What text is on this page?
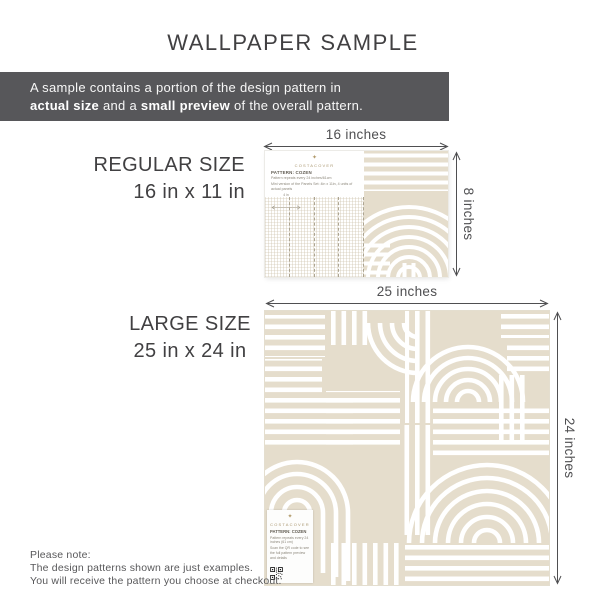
WALLPAPER SAMPLE

A sample contains a portion of the design pattern in
actual size and a small preview of the overall pattern.

REGULAR SIZE
16 in x 11 in
16 inches
✦
COSTACOVER
PATTERN: COZEN
Pattern repeats every 24 inches/61cm
Mini version of the Panels Set: 4in x 11in, 4 units of actual panels
4 in	8 inches
LARGE SIZE
25 in x 24 in
25 inches
✦
COSTACOVER
PATTERN: COZEN
Pattern repeats every 24 inches (61 cm)
Scan the QR code to see the full pattern preview and details
24 inches
Please note:
The design patterns shown are just examples.
You will receive the pattern you choose at checkout.
